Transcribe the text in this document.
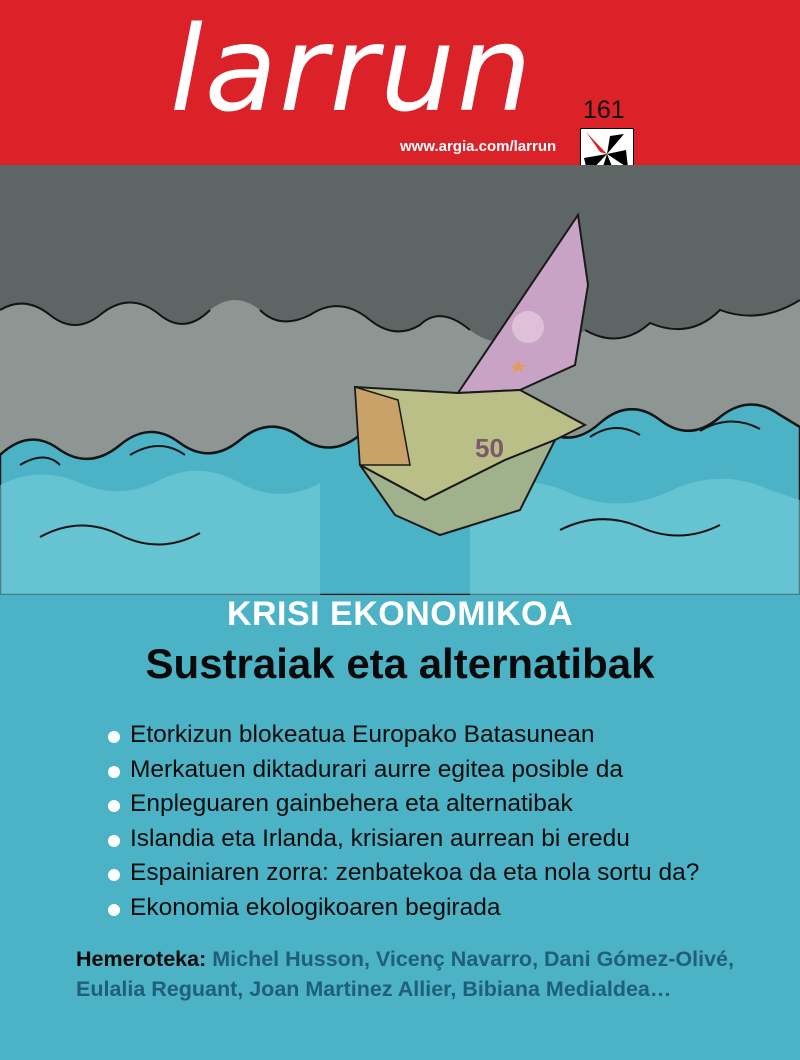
larrun 161
www.argia.com/larrun
50
KRISI EKONOMIKOA
Sustraiak eta alternatibak
Etorkizun blokeatua Europako Batasunean
Merkatuen diktadurari aurre egitea posible da
Enpleguaren gainbehera eta alternatibak
Islandia eta Irlanda, krisiaren aurrean bi eredu
Espainiaren zorra: zenbatekoa da eta nola sortu da?
Ekonomia ekologikoaren begirada
Hemeroteka: Michel Husson, Vicenç Navarro, Dani Gómez-Olivé, Eulalia Reguant, Joan Martinez Allier, Bibiana Medialdea…
